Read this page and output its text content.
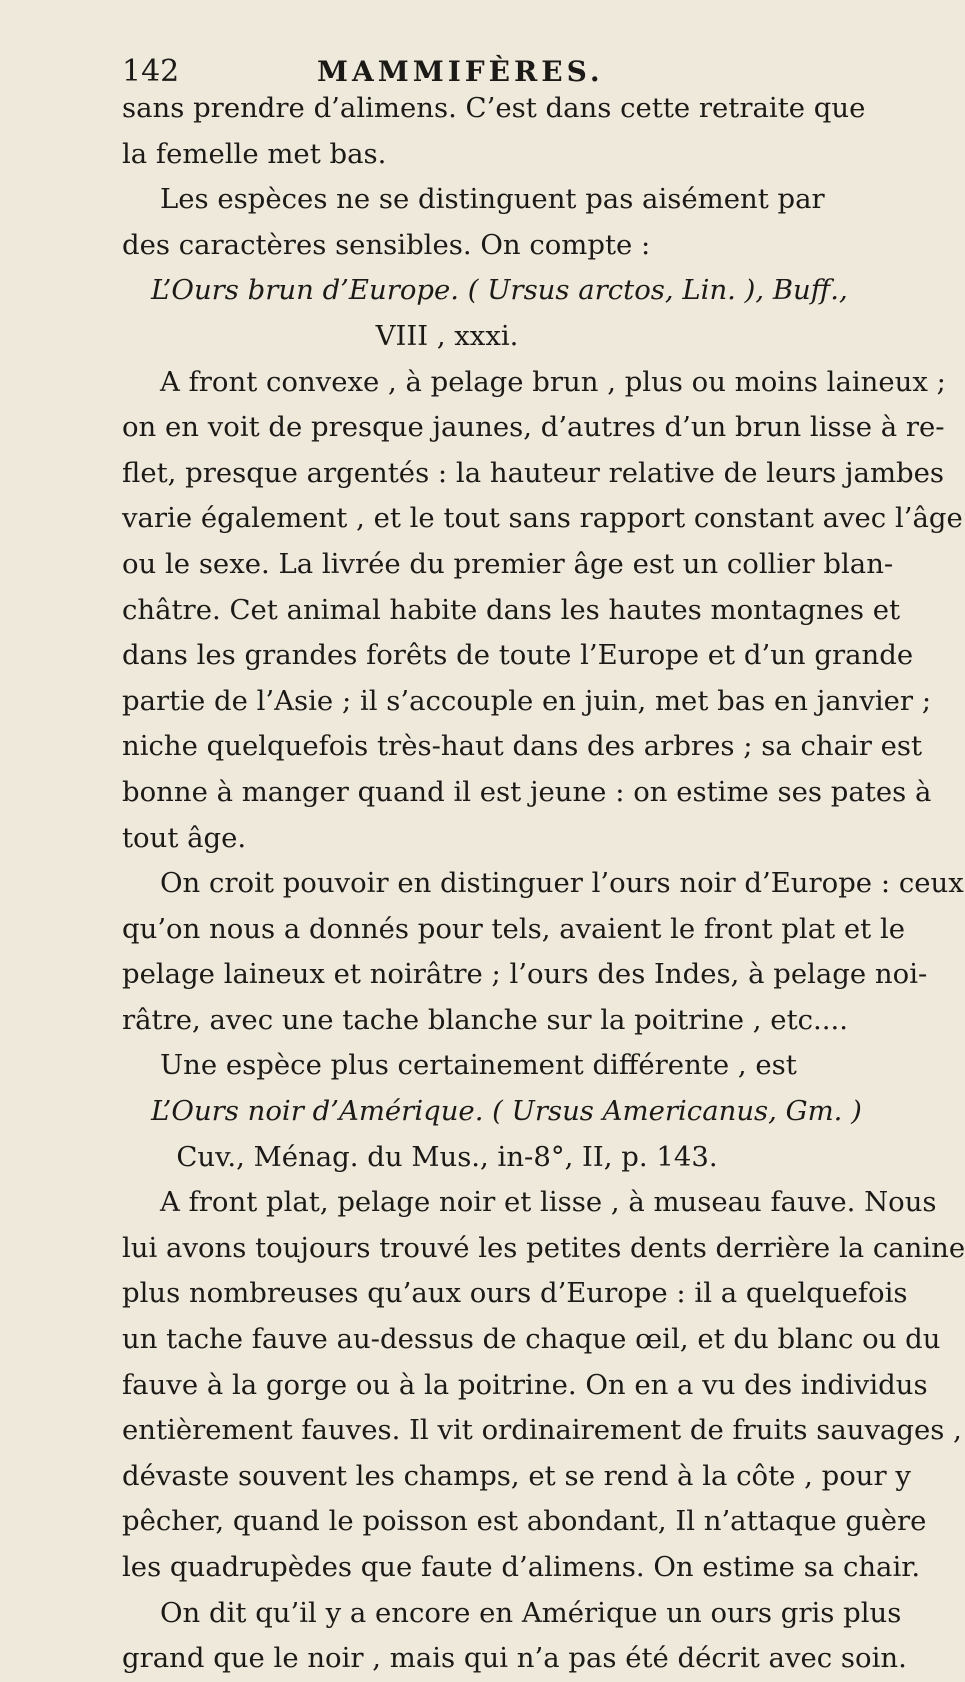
142	MAMMIFÈRES.
sans prendre d’alimens. C’est dans cette retraite que
la femelle met bas.
Les espèces ne se distinguent pas aisément par
des caractères sensibles. On compte :
L’Ours brun d’Europe. ( Ursus arctos, Lin. ), Buff.,
VIII , xxxi.
A front convexe , à pelage brun , plus ou moins laineux ;
on en voit de presque jaunes, d’autres d’un brun lisse à re-
flet, presque argentés : la hauteur relative de leurs jambes
varie également , et le tout sans rapport constant avec l’âge
ou le sexe. La livrée du premier âge est un collier blan-
châtre. Cet animal habite dans les hautes montagnes et
dans les grandes forêts de toute l’Europe et d’un grande
partie de l’Asie ; il s’accouple en juin, met bas en janvier ;
niche quelquefois très-haut dans des arbres ; sa chair est
bonne à manger quand il est jeune : on estime ses pates à
tout âge.
On croit pouvoir en distinguer l’ours noir d’Europe : ceux
qu’on nous a donnés pour tels, avaient le front plat et le
pelage laineux et noirâtre ; l’ours des Indes, à pelage noi-
râtre, avec une tache blanche sur la poitrine , etc....
Une espèce plus certainement différente , est
L’Ours noir d’Amérique. ( Ursus Americanus, Gm. )
Cuv., Ménag. du Mus., in-8°, II, p. 143.
A front plat, pelage noir et lisse , à museau fauve. Nous
lui avons toujours trouvé les petites dents derrière la canine
plus nombreuses qu’aux ours d’Europe : il a quelquefois
un tache fauve au-dessus de chaque œil, et du blanc ou du
fauve à la gorge ou à la poitrine. On en a vu des individus
entièrement fauves. Il vit ordinairement de fruits sauvages ,
dévaste souvent les champs, et se rend à la côte , pour y
pêcher, quand le poisson est abondant, Il n’attaque guère
les quadrupèdes que faute d’alimens. On estime sa chair.
On dit qu’il y a encore en Amérique un ours gris plus
grand que le noir , mais qui n’a pas été décrit avec soin.
